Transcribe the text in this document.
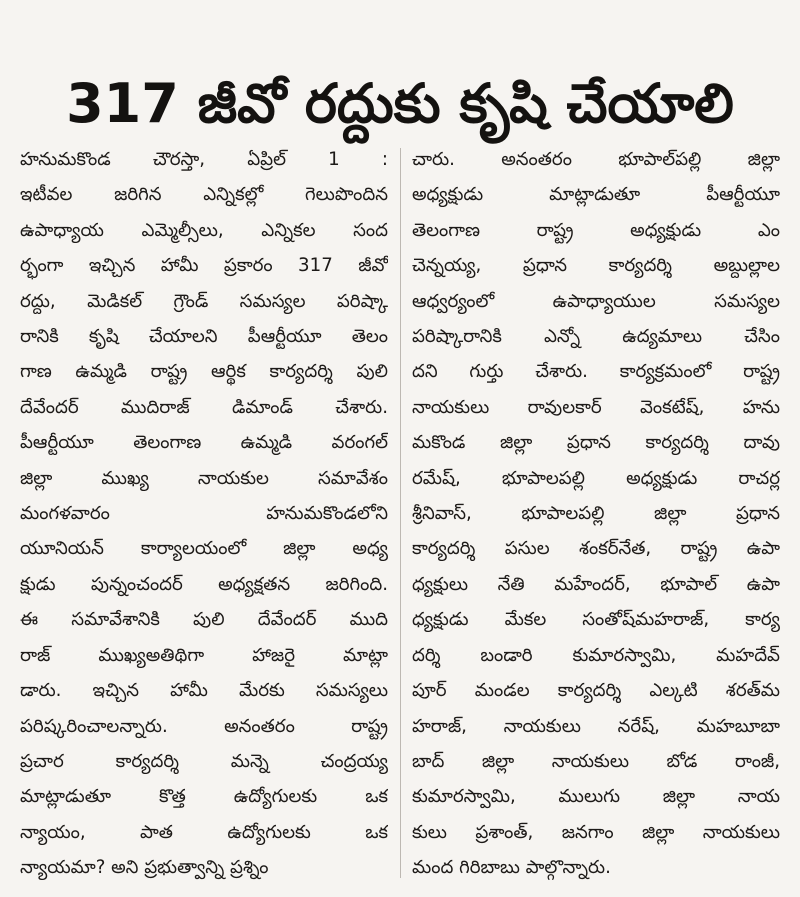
317 జీవో రద్దుకు కృషి చేయాలి
హనుమకొండ చౌరస్తా, ఏప్రిల్ 1 :
ఇటీవల జరిగిన ఎన్నికల్లో గెలుపొందిన
ఉపాధ్యాయ ఎమ్మెల్సీలు, ఎన్నికల సంద
ర్భంగా ఇచ్చిన హామీ ప్రకారం 317 జీవో
రద్దు, మెడికల్ గ్రౌండ్ సమస్యల పరిష్కా
రానికి కృషి చేయాలని పీఆర్టీయూ తెలం
గాణ ఉమ్మడి రాష్ట్ర ఆర్థిక కార్యదర్శి పులి
దేవేందర్ ముదిరాజ్ డిమాండ్ చేశారు.
పీఆర్టీయూ తెలంగాణ ఉమ్మడి వరంగల్
జిల్లా ముఖ్య నాయకుల సమావేశం
మంగళవారం హనుమకొండలోని
యూనియన్ కార్యాలయంలో జిల్లా అధ్య
క్షుడు పున్నంచందర్ అధ్యక్షతన జరిగింది.
ఈ సమావేశానికి పులి దేవేందర్ ముది
రాజ్ ముఖ్యఅతిథిగా హాజరై మాట్లా
డారు. ఇచ్చిన హామీ మేరకు సమస్యలు
పరిష్కరించాలన్నారు. అనంతరం రాష్ట్ర
ప్రచార కార్యదర్శి మన్నె చంద్రయ్య
మాట్లాడుతూ కొత్త ఉద్యోగులకు ఒక
న్యాయం, పాత ఉద్యోగులకు ఒక
న్యాయమా? అని ప్రభుత్వాన్ని ప్రశ్నిం
చారు. అనంతరం భూపాల్‌పల్లి జిల్లా
అధ్యక్షుడు మాట్లాడుతూ పీఆర్టీయూ
తెలంగాణ రాష్ట్ర అధ్యక్షుడు ఎం
చెన్నయ్య, ప్రధాన కార్యదర్శి అబ్దుల్లాల
ఆధ్వర్యంలో ఉపాధ్యాయుల సమస్యల
పరిష్కారానికి ఎన్నో ఉద్యమాలు చేసిం
దని గుర్తు చేశారు. కార్యక్రమంలో రాష్ట్ర
నాయకులు రావులకార్ వెంకటేష్, హను
మకొండ జిల్లా ప్రధాన కార్యదర్శి దావు
రమేష్, భూపాలపల్లి అధ్యక్షుడు రాచర్ల
శ్రీనివాస్, భూపాలపల్లి జిల్లా ప్రధాన
కార్యదర్శి పసుల శంకర్‌నేత, రాష్ట్ర ఉపా
ధ్యక్షులు నేతి మహేందర్, భూపాల్ ఉపా
ధ్యక్షుడు మేకల సంతోష్‌మహరాజ్, కార్య
దర్శి బండారి కుమారస్వామి, మహదేవ్
పూర్ మండల కార్యదర్శి ఎల్కటి శరత్‌మ
హరాజ్, నాయకులు నరేష్, మహబూబా
బాద్ జిల్లా నాయకులు బోడ రాంజీ,
కుమారస్వామి, ములుగు జిల్లా నాయ
కులు ప్రశాంత్, జనగాం జిల్లా నాయకులు
మంద గిరిబాబు పాల్గొన్నారు.
